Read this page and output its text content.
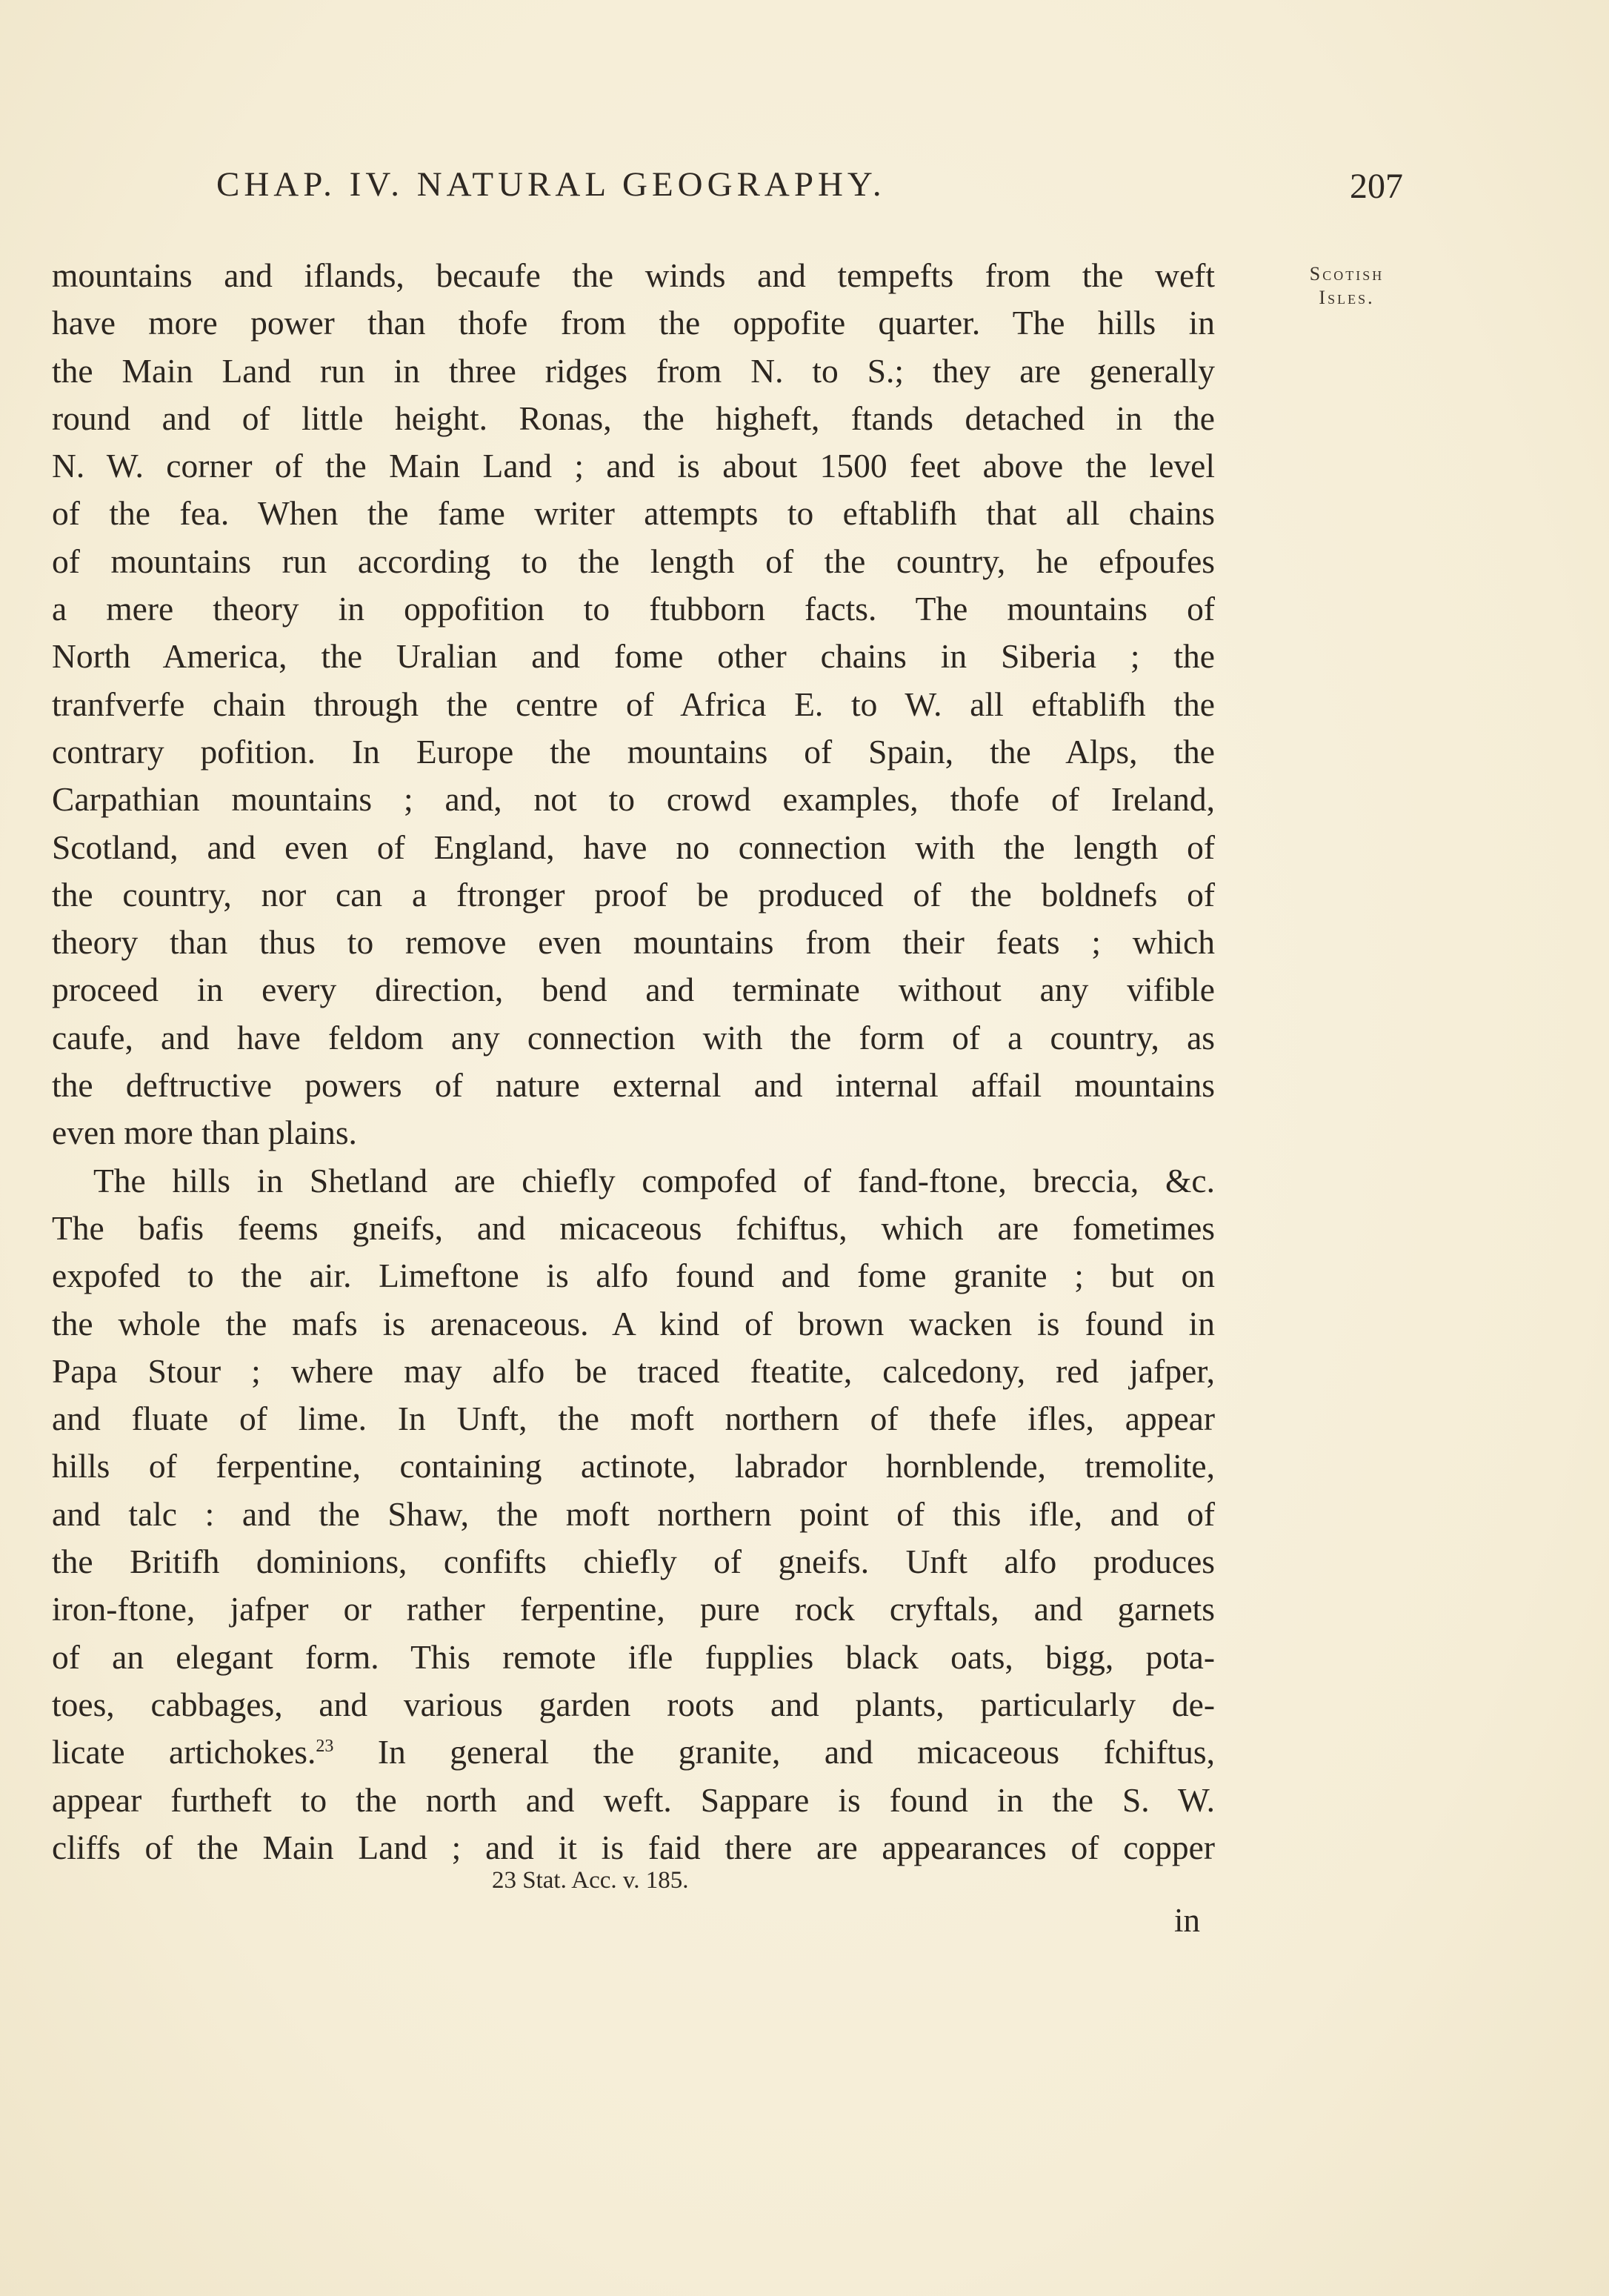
CHAP. IV. NATURAL GEOGRAPHY.	207
Scotish
Isles.
mountains and iflands, becaufe the winds and tempefts from the weft
have more power than thofe from the oppofite quarter. The hills in
the Main Land run in three ridges from N. to S.; they are generally
round and of little height. Ronas, the higheft, ftands detached in the
N. W. corner of the Main Land ; and is about 1500 feet above the level
of the fea. When the fame writer attempts to eftablifh that all chains
of mountains run according to the length of the country, he efpoufes
a mere theory in oppofition to ftubborn facts. The mountains of
North America, the Uralian and fome other chains in Siberia ; the
tranfverfe chain through the centre of Africa E. to W. all eftablifh the
contrary pofition. In Europe the mountains of Spain, the Alps, the
Carpathian mountains ; and, not to crowd examples, thofe of Ireland,
Scotland, and even of England, have no connection with the length of
the country, nor can a ftronger proof be produced of the boldnefs of
theory than thus to remove even mountains from their feats ; which
proceed in every direction, bend and terminate without any vifible
caufe, and have feldom any connection with the form of a country, as
the deftructive powers of nature external and internal affail mountains
even more than plains.
The hills in Shetland are chiefly compofed of fand-ftone, breccia, &c.
The bafis feems gneifs, and micaceous fchiftus, which are fometimes
expofed to the air. Limeftone is alfo found and fome granite ; but on
the whole the mafs is arenaceous. A kind of brown wacken is found in
Papa Stour ; where may alfo be traced fteatite, calcedony, red jafper,
and fluate of lime. In Unft, the moft northern of thefe ifles, appear
hills of ferpentine, containing actinote, labrador hornblende, tremolite,
and talc : and the Shaw, the moft northern point of this ifle, and of
the Britifh dominions, confifts chiefly of gneifs. Unft alfo produces
iron-ftone, jafper or rather ferpentine, pure rock cryftals, and garnets
of an elegant form. This remote ifle fupplies black oats, bigg, pota-
toes, cabbages, and various garden roots and plants, particularly de-
licate artichokes.$^{23}$ In general the granite, and micaceous fchiftus,
appear furtheft to the north and weft. Sappare is found in the S. W.
cliffs of the Main Land ; and it is faid there are appearances of copper
23 Stat. Acc. v. 185.
in
